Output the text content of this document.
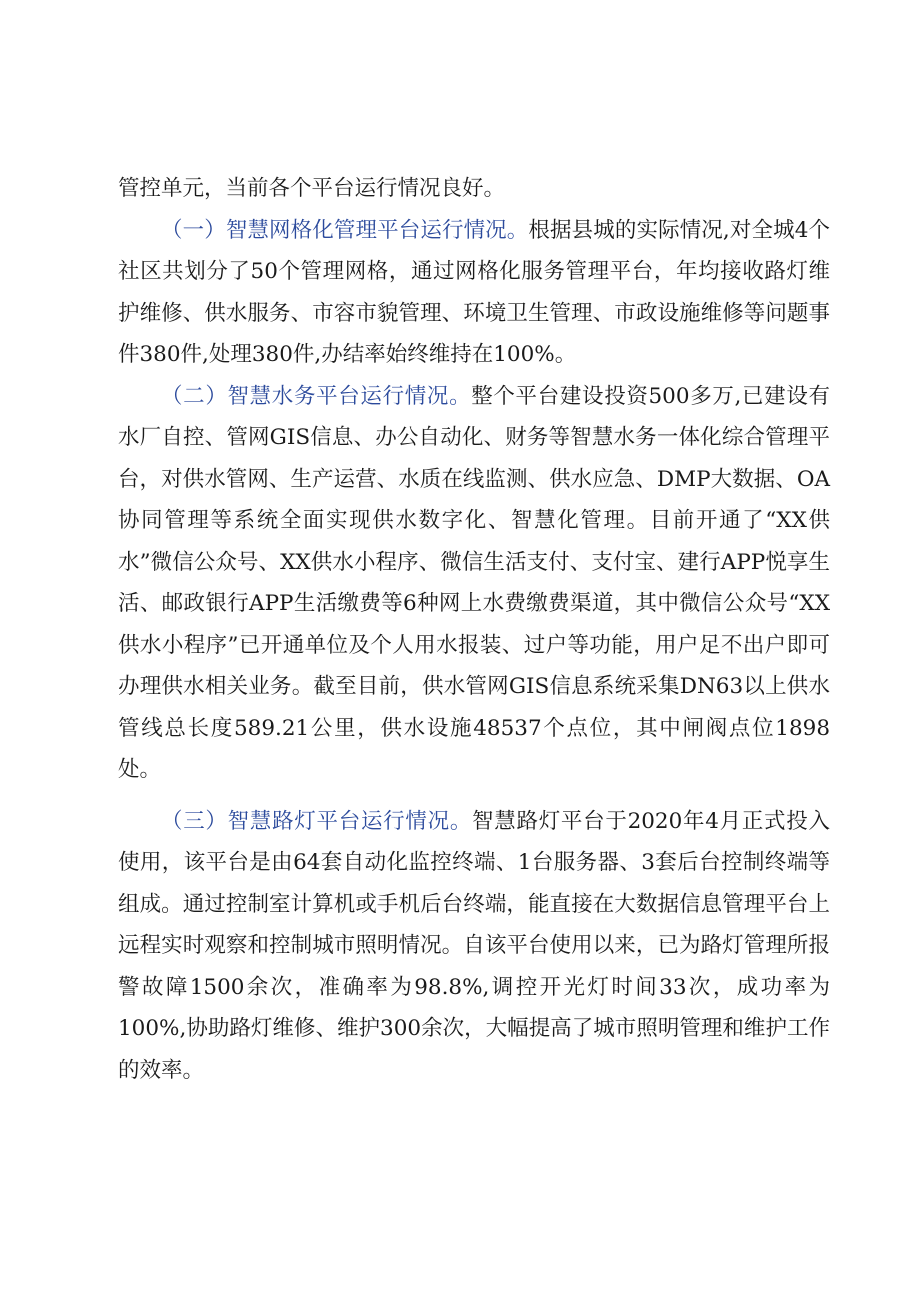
管控单元，当前各个平台运行情况良好。

（一）智慧网格化管理平台运行情况。根据县城的实际情况,对全城4个社区共划分了50个管理网格，通过网格化服务管理平台，年均接收路灯维护维修、供水服务、市容市貌管理、环境卫生管理、市政设施维修等问题事件380件,处理380件,办结率始终维持在100%。

（二）智慧水务平台运行情况。整个平台建设投资500多万,已建设有水厂自控、管网GIS信息、办公自动化、财务等智慧水务一体化综合管理平台，对供水管网、生产运营、水质在线监测、供水应急、DMP大数据、OA协同管理等系统全面实现供水数字化、智慧化管理。目前开通了“XX供水”微信公众号、XX供水小程序、微信生活支付、支付宝、建行APP悦享生活、邮政银行APP生活缴费等6种网上水费缴费渠道，其中微信公众号“XX供水小程序”已开通单位及个人用水报装、过户等功能，用户足不出户即可办理供水相关业务。截至目前，供水管网GIS信息系统采集DN63以上供水管线总长度589.21公里，供水设施48537个点位，其中闸阀点位1898处。

（三）智慧路灯平台运行情况。智慧路灯平台于2020年4月正式投入使用，该平台是由64套自动化监控终端、1台服务器、3套后台控制终端等组成。通过控制室计算机或手机后台终端，能直接在大数据信息管理平台上远程实时观察和控制城市照明情况。自该平台使用以来，已为路灯管理所报警故障1500余次，准确率为98.8%,调控开光灯时间33次，成功率为100%,协助路灯维修、维护300余次，大幅提高了城市照明管理和维护工作的效率。
